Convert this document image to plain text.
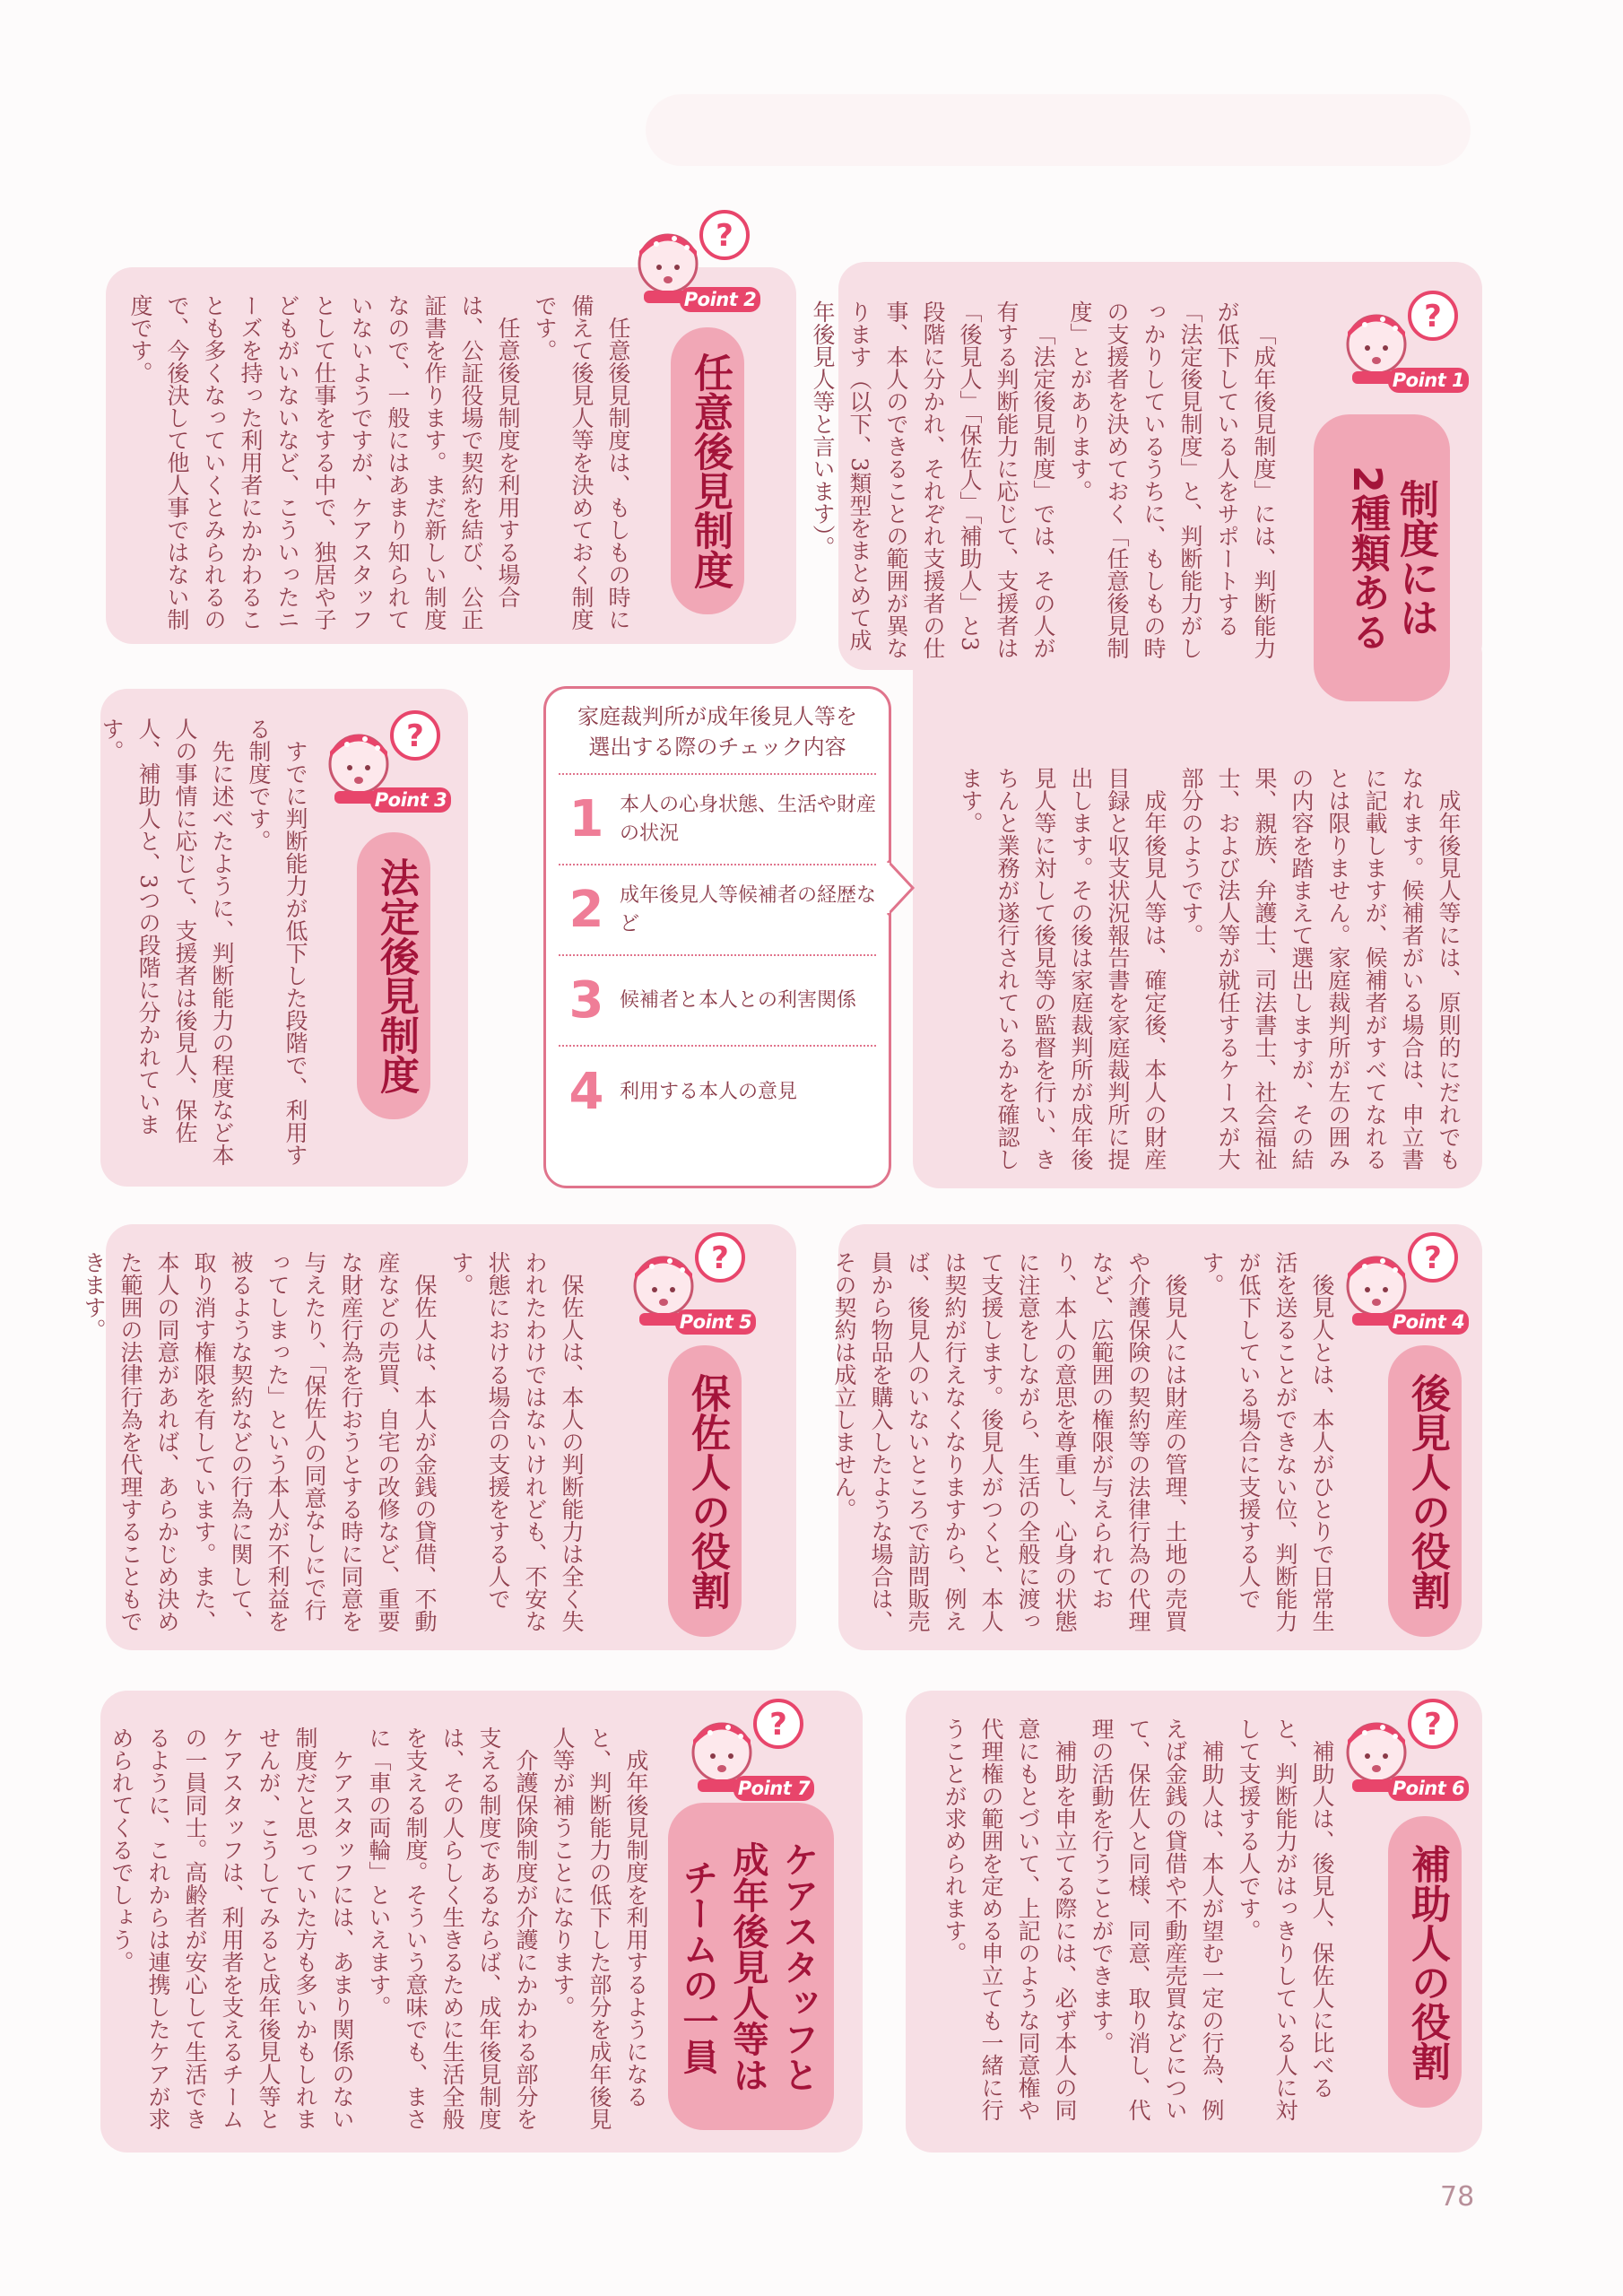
?
Point 1
制度には
2種類ある

「成年後見制度」には、判断能力が低下している人をサポートする「法定後見制度」と、判断能力がしっかりしているうちに、もしもの時の支援者を決めておく「任意後見制度」とがあります。

「法定後見制度」では、その人が有する判断能力に応じて、支援者は「後見人」「保佐人」「補助人」と3段階に分かれ、それぞれ支援者の仕事、本人のできることの範囲が異なります（以下、3類型をまとめて成年後見人等と言います）。

成年後見人等には、原則的にだれでもなれます。候補者がいる場合は、申立書に記載しますが、候補者がすべてなれるとは限りません。家庭裁判所が左の囲みの内容を踏まえて選出しますが、その結果、親族、弁護士、司法書士、社会福祉士、および法人等が就任するケースが大部分のようです。

成年後見人等は、確定後、本人の財産目録と収支状況報告書を家庭裁判所に提出します。その後は家庭裁判所が成年後見人等に対して後見等の監督を行い、きちんと業務が遂行されているかを確認します。

?
Point 2
任意後見制度

任意後見制度は、もしもの時に備えて後見人等を決めておく制度です。

任意後見制度を利用する場合は、公証役場で契約を結び、公正証書を作ります。まだ新しい制度なので、一般にはあまり知られていないようですが、ケアスタッフとして仕事をする中で、独居や子どもがいないなど、こういったニーズを持った利用者にかかわることも多くなっていくとみられるので、今後決して他人事ではない制度です。

?
Point 3
法定後見制度

すでに判断能力が低下した段階で、利用する制度です。

先に述べたように、判断能力の程度など本人の事情に応じて、支援者は後見人、保佐人、補助人と、3つの段階に分かれています。

家庭裁判所が成年後見人等を選出する際のチェック内容
1 本人の心身状態、生活や財産の状況
2 成年後見人等候補者の経歴など
3 候補者と本人との利害関係
4 利用する本人の意見
?
Point 4
後見人の役割

後見人とは、本人がひとりで日常生活を送ることができない位、判断能力が低下している場合に支援する人です。

後見人には財産の管理、土地の売買や介護保険の契約等の法律行為の代理など、広範囲の権限が与えられており、本人の意思を尊重し、心身の状態に注意をしながら、生活の全般に渡って支援します。後見人がつくと、本人は契約が行えなくなりますから、例えば、後見人のいないところで訪問販売員から物品を購入したような場合は、その契約は成立しません。

?
Point 5
保佐人の役割

保佐人は、本人の判断能力は全く失われたわけではないけれども、不安な状態における場合の支援をする人です。

保佐人は、本人が金銭の貸借、不動産などの売買、自宅の改修など、重要な財産行為を行おうとする時に同意を与えたり、「保佐人の同意なしにで行ってしまった」という本人が不利益を被るような契約などの行為に関して、取り消す権限を有しています。また、本人の同意があれば、あらかじめ決めた範囲の法律行為を代理することもできます。

?
Point 6
補助人の役割

補助人は、後見人、保佐人に比べると、判断能力がはっきりしている人に対して支援する人です。

補助人は、本人が望む一定の行為、例えば金銭の貸借や不動産売買などについて、保佐人と同様、同意、取り消し、代理の活動を行うことができます。

補助を申立てる際には、必ず本人の同意にもとづいて、上記のような同意権や代理権の範囲を定める申立ても一緒に行うことが求められます。

?
Point 7
ケアスタッフと
成年後見人等は
チームの一員

成年後見制度を利用するようになると、判断能力の低下した部分を成年後見人等が補うことになります。

介護保険制度が介護にかかわる部分を支える制度であるならば、成年後見制度は、その人らしく生きるために生活全般を支える制度。そういう意味でも、まさに「車の両輪」といえます。

ケアスタッフには、あまり関係のない制度だと思っていた方も多いかもしれませんが、こうしてみると成年後見人等とケアスタッフは、利用者を支えるチームの一員同士。高齢者が安心して生活できるように、これからは連携したケアが求められてくるでしょう。

78
